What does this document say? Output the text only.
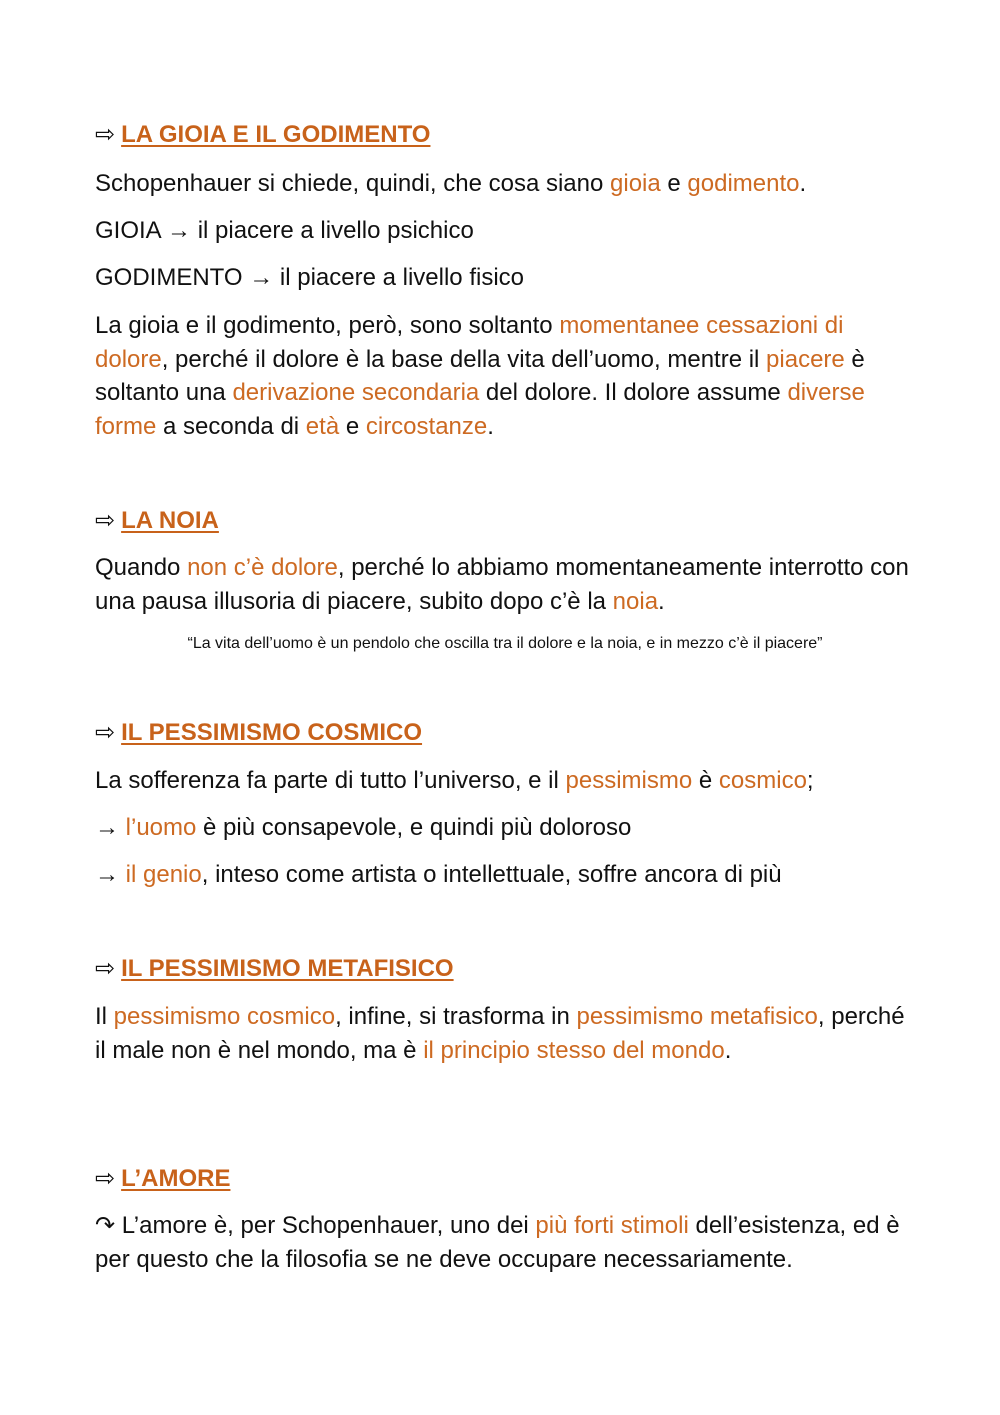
⇨ LA GIOIA E IL GODIMENTO

Schopenhauer si chiede, quindi, che cosa siano gioia e godimento.

GIOIA → il piacere a livello psichico

GODIMENTO → il piacere a livello fisico

La gioia e il godimento, però, sono soltanto momentanee cessazioni di dolore, perché il dolore è la base della vita dell’uomo, mentre il piacere è soltanto una derivazione secondaria del dolore. Il dolore assume diverse forme a seconda di età e circostanze.

⇨ LA NOIA

Quando non c’è dolore, perché lo abbiamo momentaneamente interrotto con una pausa illusoria di piacere, subito dopo c’è la noia.

“La vita dell’uomo è un pendolo che oscilla tra il dolore e la noia, e in mezzo c’è il piacere”

⇨ IL PESSIMISMO COSMICO

La sofferenza fa parte di tutto l’universo, e il pessimismo è cosmico;

→ l’uomo è più consapevole, e quindi più doloroso

→ il genio, inteso come artista o intellettuale, soffre ancora di più

⇨ IL PESSIMISMO METAFISICO

Il pessimismo cosmico, infine, si trasforma in pessimismo metafisico, perché il male non è nel mondo, ma è il principio stesso del mondo.

⇨ L’AMORE

↷ L’amore è, per Schopenhauer, uno dei più forti stimoli dell’esistenza, ed è per questo che la filosofia se ne deve occupare necessariamente.
